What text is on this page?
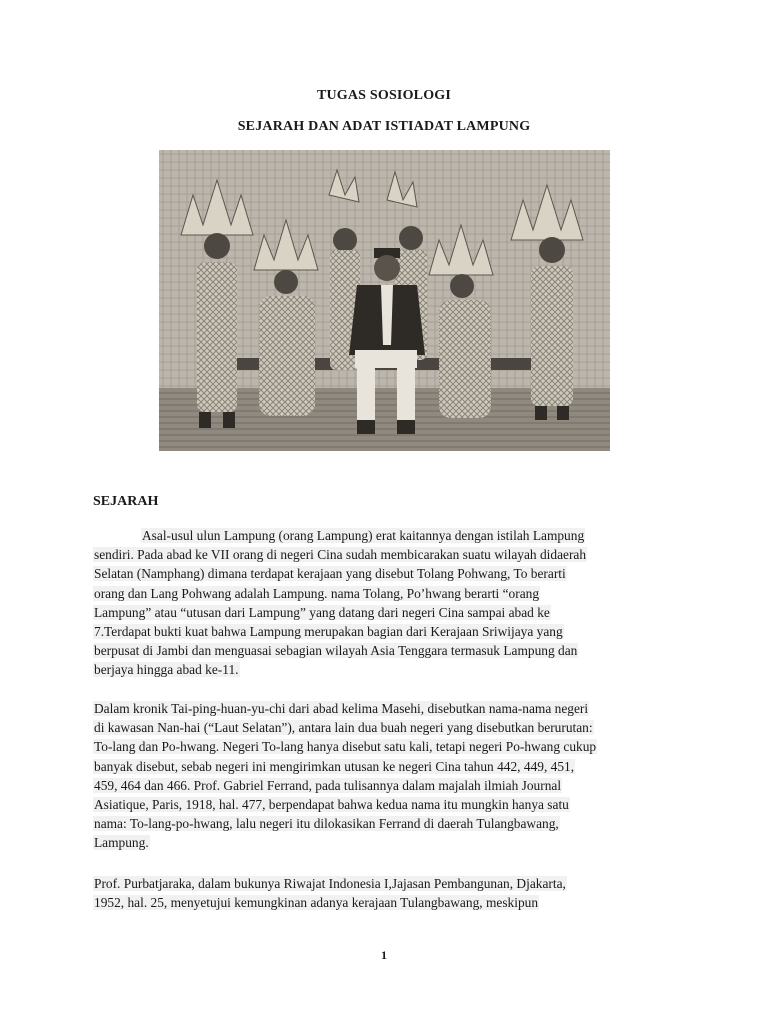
TUGAS SOSIOLOGI
SEJARAH DAN ADAT ISTIADAT LAMPUNG
SEJARAH
Asal-usul ulun Lampung (orang Lampung) erat kaitannya dengan istilah Lampung
sendiri. Pada abad ke VII orang di negeri Cina sudah membicarakan suatu wilayah didaerah
Selatan (Namphang) dimana terdapat kerajaan yang disebut Tolang Pohwang, To berarti
orang dan Lang Pohwang adalah Lampung. nama Tolang, Po’hwang berarti “orang
Lampung” atau “utusan dari Lampung” yang datang dari negeri Cina sampai abad ke
7.Terdapat bukti kuat bahwa Lampung merupakan bagian dari Kerajaan Sriwijaya yang
berpusat di Jambi dan menguasai sebagian wilayah Asia Tenggara termasuk Lampung dan
berjaya hingga abad ke-11.
Dalam kronik Tai-ping-huan-yu-chi dari abad kelima Masehi, disebutkan nama-nama negeri
di kawasan Nan-hai (“Laut Selatan”), antara lain dua buah negeri yang disebutkan berurutan:
To-lang dan Po-hwang. Negeri To-lang hanya disebut satu kali, tetapi negeri Po-hwang cukup
banyak disebut, sebab negeri ini mengirimkan utusan ke negeri Cina tahun 442, 449, 451,
459, 464 dan 466. Prof. Gabriel Ferrand, pada tulisannya dalam majalah ilmiah Journal
Asiatique, Paris, 1918, hal. 477, berpendapat bahwa kedua nama itu mungkin hanya satu
nama: To-lang-po-hwang, lalu negeri itu dilokasikan Ferrand di daerah Tulangbawang,
Lampung.
Prof. Purbatjaraka, dalam bukunya Riwajat Indonesia I,Jajasan Pembangunan, Djakarta,
1952, hal. 25, menyetujui kemungkinan adanya kerajaan Tulangbawang, meskipun
1
